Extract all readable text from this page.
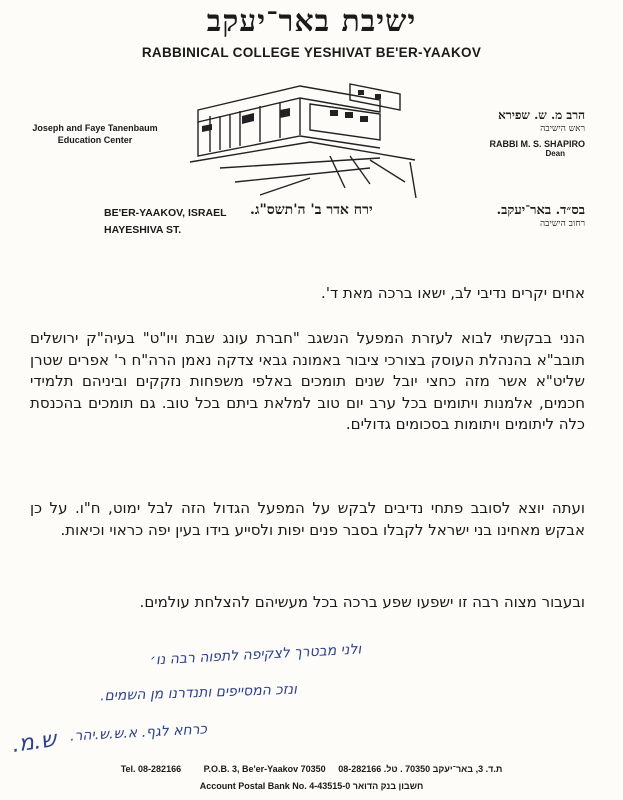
ישיבת באר־יעקב
RABBINICAL COLLEGE YESHIVAT BE'ER-YAAKOV
Joseph and Faye Tanenbaum
Education Center
הרב מ. ש. שפירא
ראש הישיבה
RABBI M. S. SHAPIRO
Dean
BE'ER-YAAKOV, ISRAEL
HAYESHIVA ST.
ירח אדר ב' ה'תשס"ג.	בס״ד. באר־יעקב.
רחוב הישיבה
אחים יקרים נדיבי לב, ישאו ברכה מאת ד'.
הנני בבקשתי לבוא לעזרת המפעל הנשגב "חברת עונג שבת ויו"ט" בעיה"ק ירושלים תובב"א בהנהלת העוסק בצורכי ציבור באמונה גבאי צדקה נאמן הרה"ח ר' אפרים שטרן שליט"א אשר מזה כחצי יובל שנים תומכים באלפי משפחות נזקקים וביניהם תלמידי חכמים, אלמנות ויתומים בכל ערב יום טוב למלאת ביתם בכל טוב. גם תומכים בהכנסת כלה ליתומים ויתומות בסכומים גדולים.
ועתה יוצא לסובב פתחי נדיבים לבקש על המפעל הגדול הזה לבל ימוט, ח"ו. על כן אבקש מאחינו בני ישראל לקבלו בסבר פנים יפות ולסייע בידו בעין יפה כראוי וכיאות.
ובעבור מצוה רבה זו ישפעו שפע ברכה בכל מעשיהם להצלחת עולמים.
ולני מבטרך לצקיפה לתפוה רבה נו׳
ונזכ המסייפים ותנדרנו מן השמים.
כרחא לגף. א.ש.ש.יהר.
ש.מ.
Tel. 08-282166	P.O.B. 3, Be'er-Yaakov 70350 ת.ד. 3, באר־יעקב 70350 . טל. 08-282166
Account Postal Bank No. 4-43515-0 חשבון בנק הדואר
